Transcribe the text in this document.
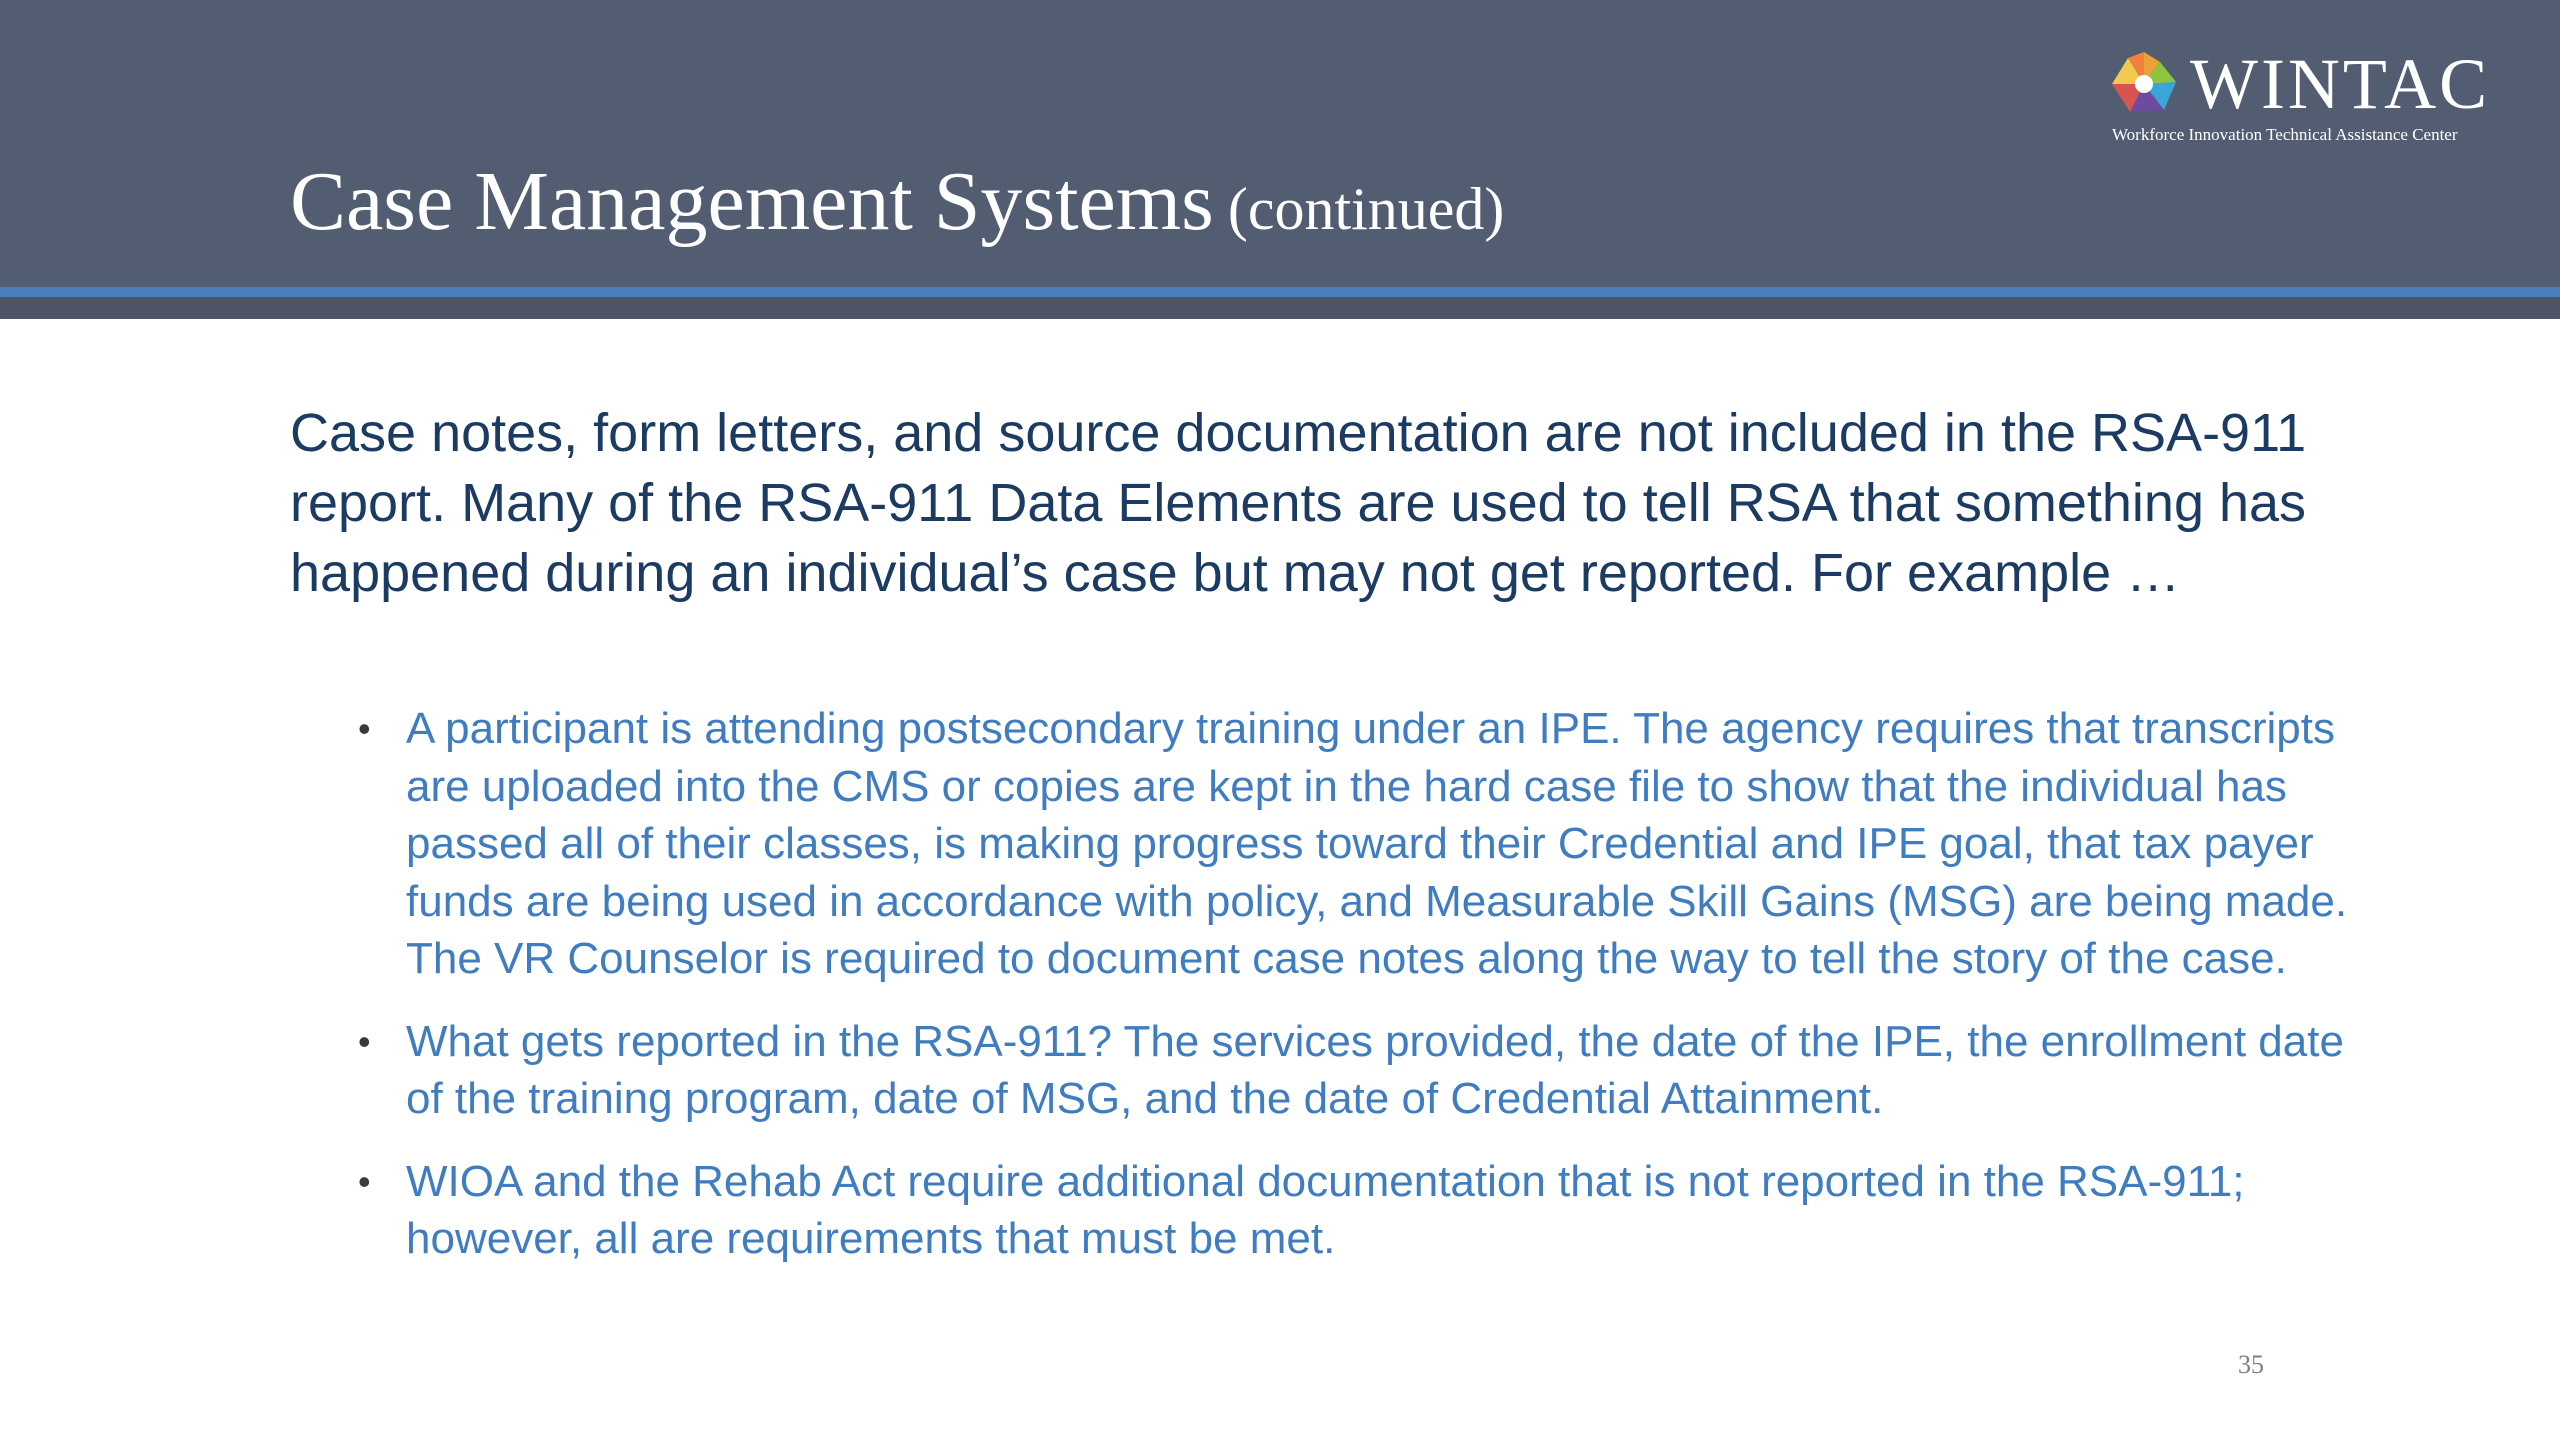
Case Management Systems (continued)
WINTAC
Workforce Innovation Technical Assistance Center
Case notes, form letters, and source documentation are not included in the RSA-911 report. Many of the RSA-911 Data Elements are used to tell RSA that something has happened during an individual’s case but may not get reported. For example …
• A participant is attending postsecondary training under an IPE. The agency requires that transcripts are uploaded into the CMS or copies are kept in the hard case file to show that the individual has passed all of their classes, is making progress toward their Credential and IPE goal, that tax payer funds are being used in accordance with policy, and Measurable Skill Gains (MSG) are being made. The VR Counselor is required to document case notes along the way to tell the story of the case.
• What gets reported in the RSA-911? The services provided, the date of the IPE, the enrollment date of the training program, date of MSG, and the date of Credential Attainment.
• WIOA and the Rehab Act require additional documentation that is not reported in the RSA-911; however, all are requirements that must be met.
35
